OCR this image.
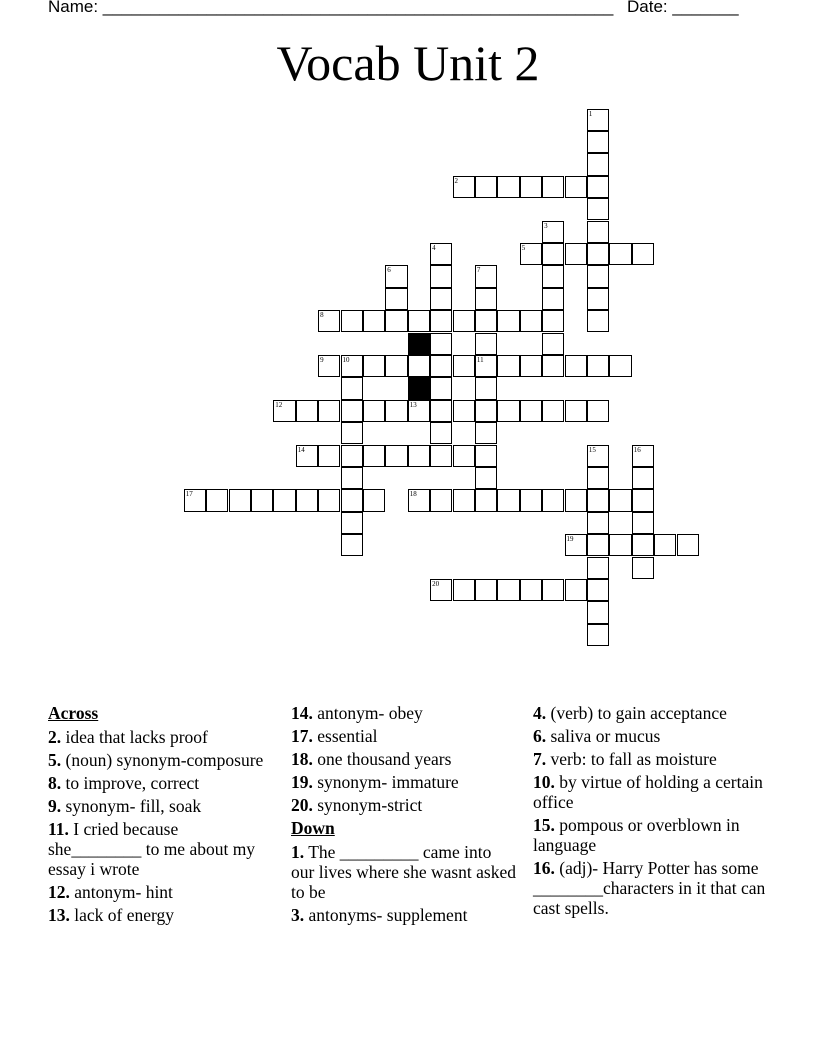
Name: ______________________________________________________ Date: _______
Vocab Unit 2
1
2
3
4	5
6	7
11
8
9	10
12	13
14	15	16
17	18
19
20
Across
2. idea that lacks proof
5. (noun) synonym-composure
8. to improve, correct
9. synonym- fill, soak
11. I cried because she________ to me about my essay i wrote
12. antonym- hint
13. lack of energy
14. antonym- obey
17. essential
18. one thousand years
19. synonym- immature
20. synonym-strict
Down
1. The _________ came into our lives where she wasnt asked to be
3. antonyms- supplement
4. (verb) to gain acceptance
6. saliva or mucus
7. verb: to fall as moisture
10. by virtue of holding a certain office
15. pompous or overblown in language
16. (adj)- Harry Potter has some ________characters in it that can cast spells.
